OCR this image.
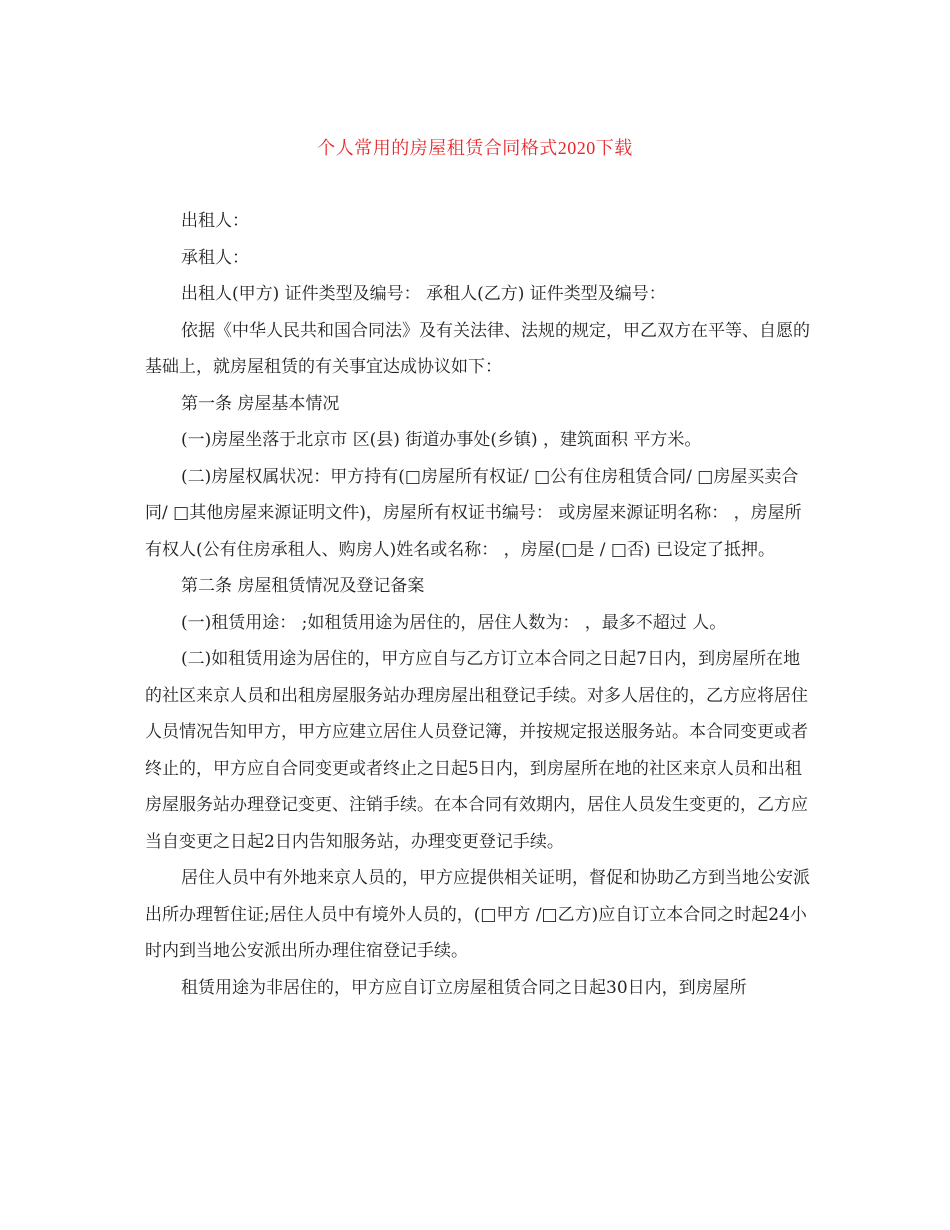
个人常用的房屋租赁合同格式2020下载

出租人：

承租人：

出租人(甲方) 证件类型及编号： 承租人(乙方) 证件类型及编号：

依据《中华人民共和国合同法》及有关法律、法规的规定，甲乙双方在平等、自愿的基础上，就房屋租赁的有关事宜达成协议如下：

第一条 房屋基本情况

(一)房屋坐落于北京市 区(县) 街道办事处(乡镇) ，建筑面积 平方米。

(二)房屋权属状况：甲方持有(□房屋所有权证/ □公有住房租赁合同/ □房屋买卖合同/ □其他房屋来源证明文件)，房屋所有权证书编号： 或房屋来源证明名称： ，房屋所有权人(公有住房承租人、购房人)姓名或名称： ，房屋(□是 / □否) 已设定了抵押。

第二条 房屋租赁情况及登记备案

(一)租赁用途： ;如租赁用途为居住的，居住人数为： ，最多不超过 人。

(二)如租赁用途为居住的，甲方应自与乙方订立本合同之日起7日内，到房屋所在地的社区来京人员和出租房屋服务站办理房屋出租登记手续。对多人居住的，乙方应将居住人员情况告知甲方，甲方应建立居住人员登记簿，并按规定报送服务站。本合同变更或者终止的，甲方应自合同变更或者终止之日起5日内，到房屋所在地的社区来京人员和出租房屋服务站办理登记变更、注销手续。在本合同有效期内，居住人员发生变更的，乙方应当自变更之日起2日内告知服务站，办理变更登记手续。

居住人员中有外地来京人员的，甲方应提供相关证明，督促和协助乙方到当地公安派出所办理暂住证;居住人员中有境外人员的，(□甲方 /□乙方)应自订立本合同之时起24小时内到当地公安派出所办理住宿登记手续。

租赁用途为非居住的，甲方应自订立房屋租赁合同之日起30日内，到房屋所
